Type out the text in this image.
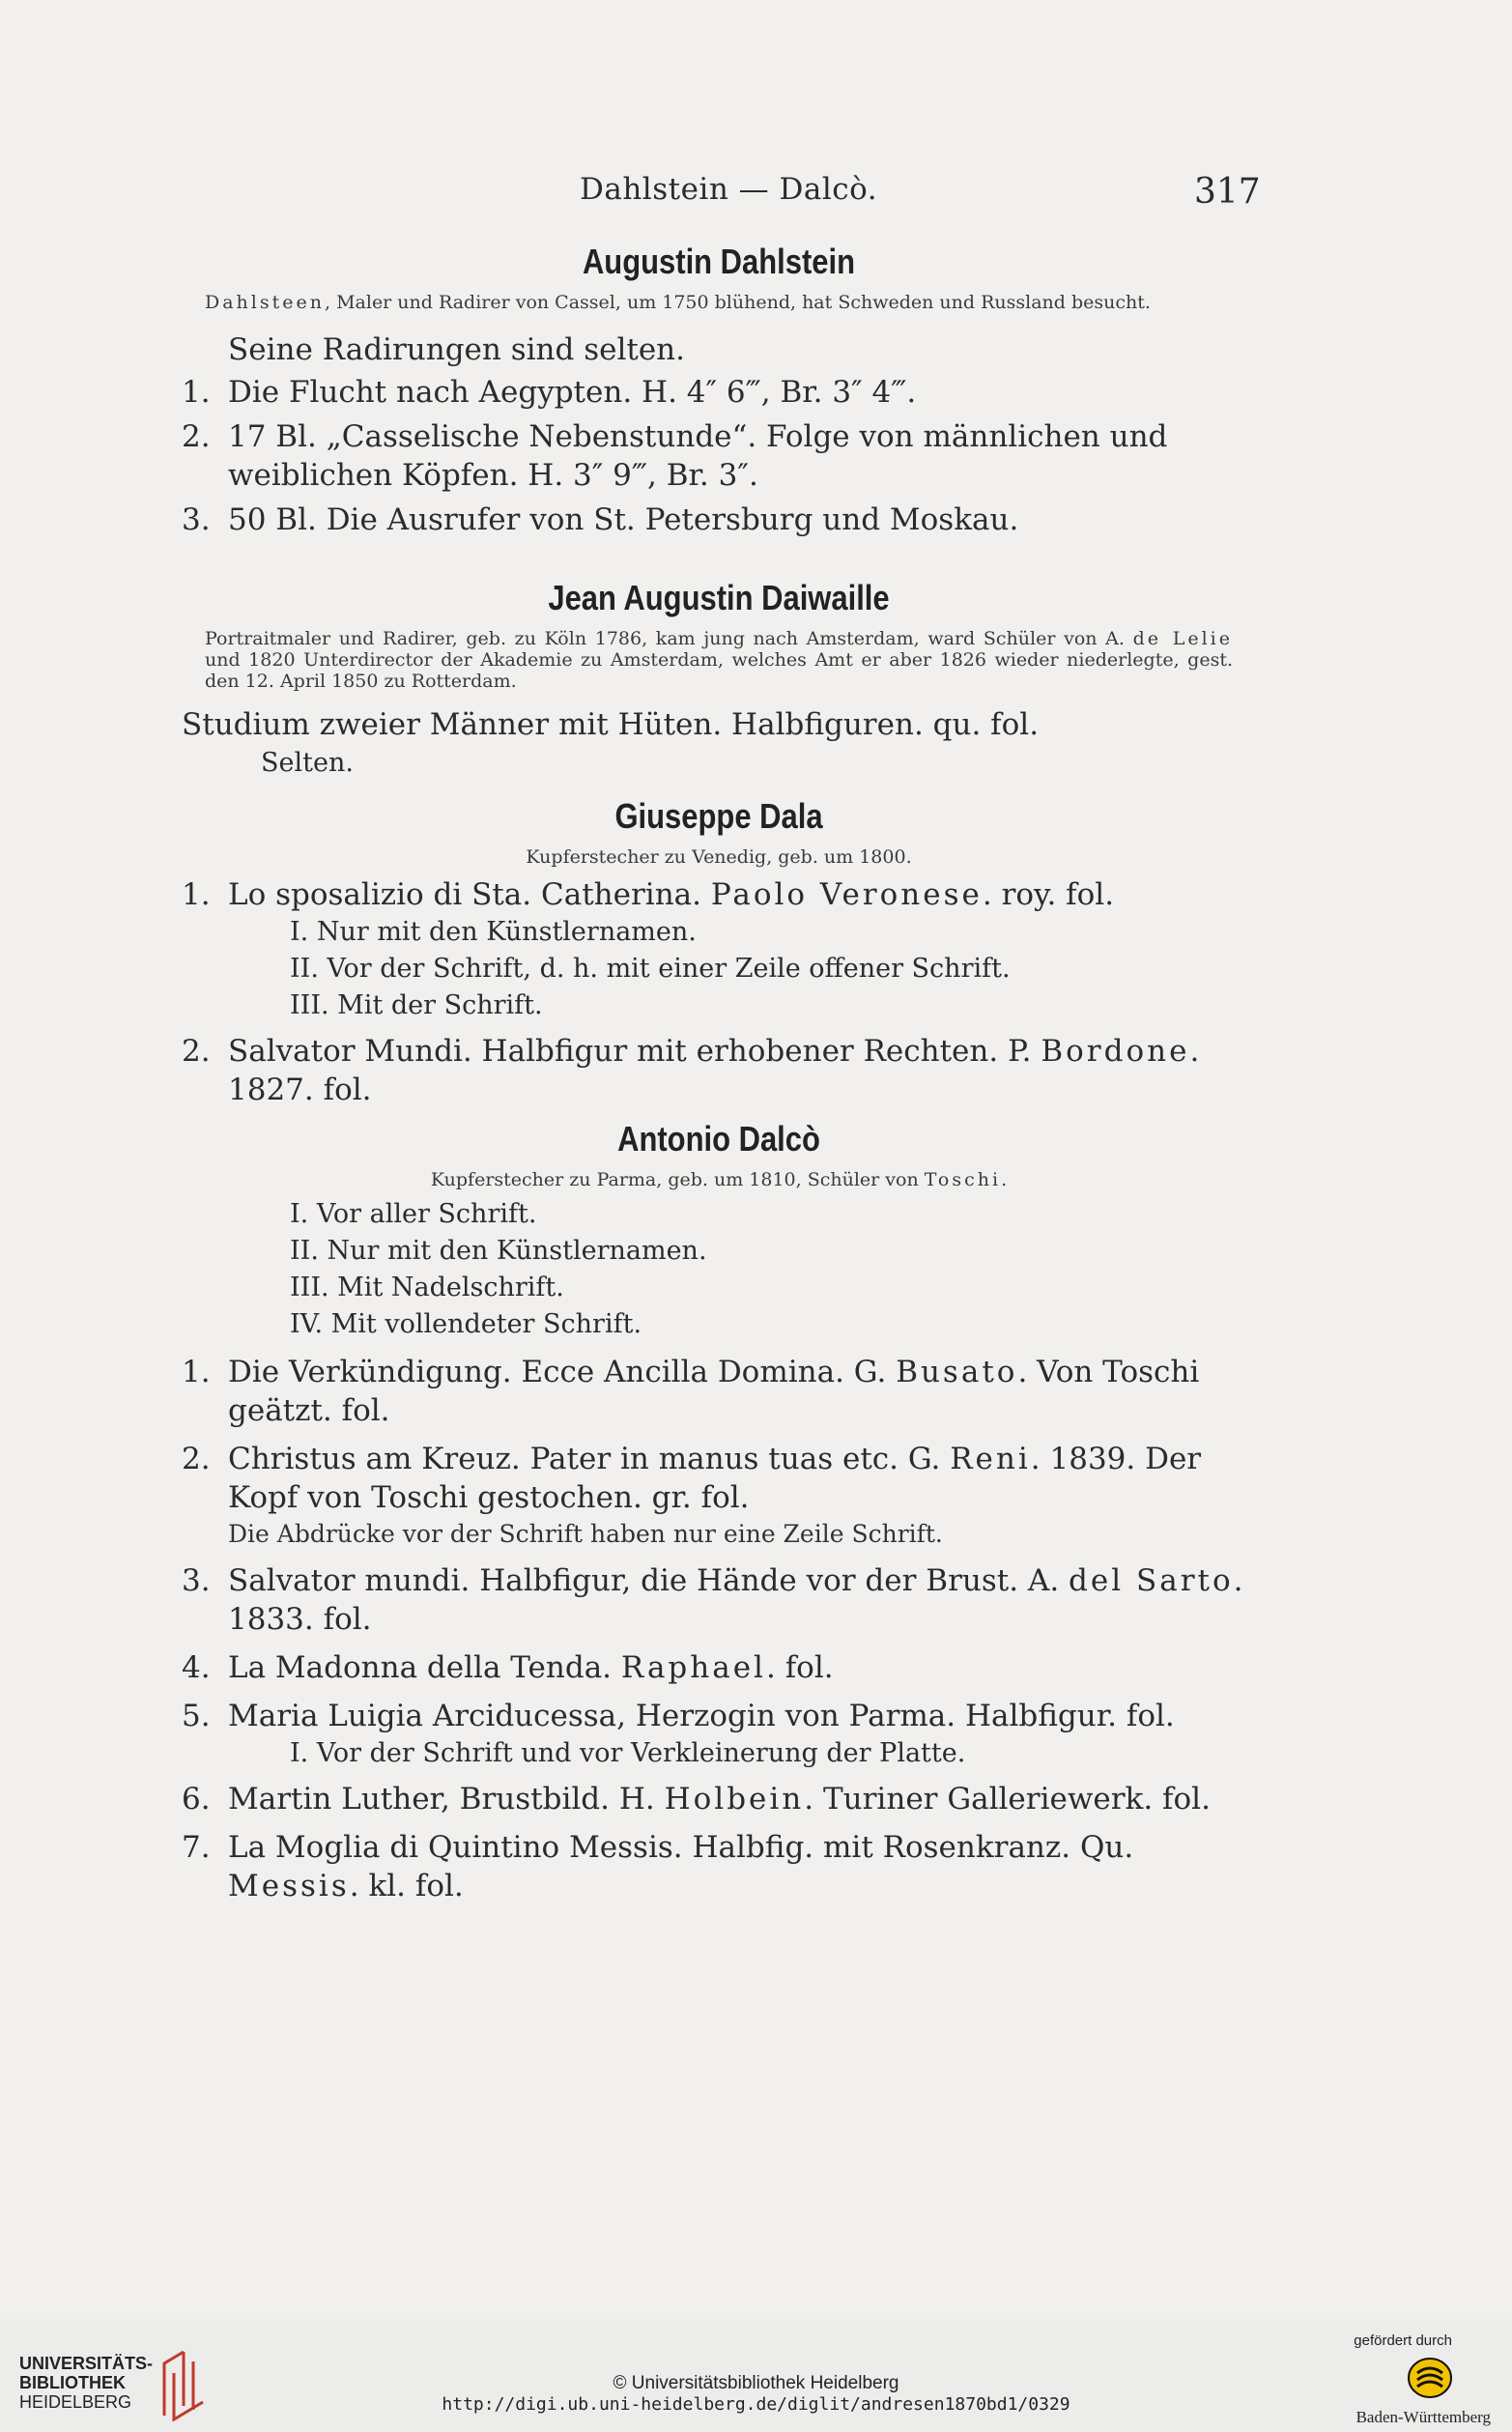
Dahlstein — Dalcò.	317
Augustin Dahlstein

Dahlsteen, Maler und Radirer von Cassel, um 1750 blühend, hat Schweden und Russland besucht.

Seine Radirungen sind selten.

1. Die Flucht nach Aegypten. H. 4″ 6‴, Br. 3″ 4‴.

2. 17 Bl. „Casselische Nebenstunde“. Folge von männlichen und weiblichen Köpfen. H. 3″ 9‴, Br. 3″.

3. 50 Bl. Die Ausrufer von St. Petersburg und Moskau.

Jean Augustin Daiwaille

Portraitmaler und Radirer, geb. zu Köln 1786, kam jung nach Amsterdam, ward Schüler von A. de Lelie und 1820 Unterdirector der Akademie zu Amsterdam, welches Amt er aber 1826 wieder niederlegte, gest. den 12. April 1850 zu Rotterdam.

Studium zweier Männer mit Hüten. Halbfiguren. qu. fol.

Selten.

Giuseppe Dala

Kupferstecher zu Venedig, geb. um 1800.

1. Lo sposalizio di Sta. Catherina. Paolo Veronese. roy. fol.

I. Nur mit den Künstlernamen.
II. Vor der Schrift, d. h. mit einer Zeile offener Schrift.
III. Mit der Schrift.

2. Salvator Mundi. Halbfigur mit erhobener Rechten. P. Bordone. 1827. fol.

Antonio Dalcò

Kupferstecher zu Parma, geb. um 1810, Schüler von Toschi.

I. Vor aller Schrift.
II. Nur mit den Künstlernamen.
III. Mit Nadelschrift.
IV. Mit vollendeter Schrift.

1. Die Verkündigung. Ecce Ancilla Domina. G. Busato. Von Toschi geätzt. fol.

2. Christus am Kreuz. Pater in manus tuas etc. G. Reni. 1839. Der Kopf von Toschi gestochen. gr. fol.

Die Abdrücke vor der Schrift haben nur eine Zeile Schrift.

3. Salvator mundi. Halbfigur, die Hände vor der Brust. A. del Sarto. 1833. fol.

4. La Madonna della Tenda. Raphael. fol.

5. Maria Luigia Arciducessa, Herzogin von Parma. Halbfigur. fol.

I. Vor der Schrift und vor Verkleinerung der Platte.

6. Martin Luther, Brustbild. H. Holbein. Turiner Galleriewerk. fol.

7. La Moglia di Quintino Messis. Halbfig. mit Rosenkranz. Qu. Messis. kl. fol.

UNIVERSITÄTS-
BIBLIOTHEK
HEIDELBERG
© Universitätsbibliothek Heidelberg
http://digi.ub.uni-heidelberg.de/diglit/andresen1870bd1/0329
gefördert durch
Baden-Württemberg
